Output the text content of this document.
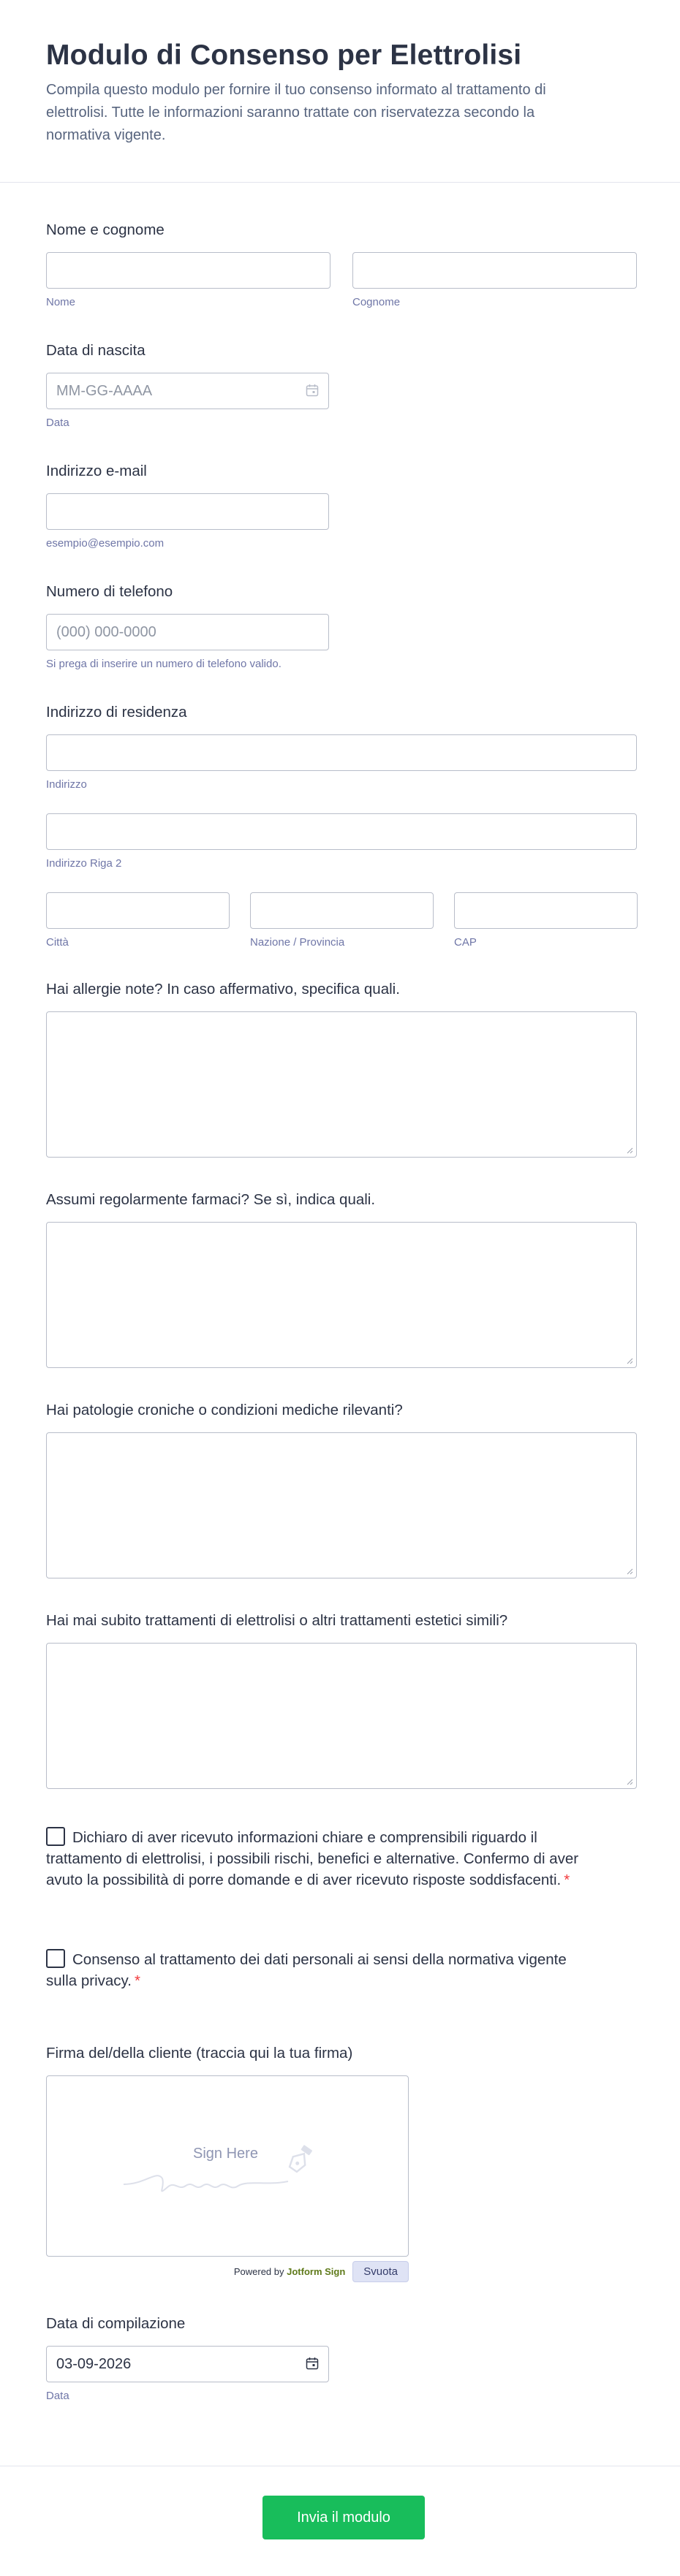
Modulo di Consenso per Elettrolisi

Compila questo modulo per fornire il tuo consenso informato al trattamento di elettrolisi. Tutte le informazioni saranno trattate con riservatezza secondo la normativa vigente.

Nome e cognome
Nome	Cognome
Data di nascita
MM-GG-AAAA
Data
Indirizzo e-mail
esempio@esempio.com
Numero di telefono
(000) 000-0000
Si prega di inserire un numero di telefono valido.
Indirizzo di residenza
Indirizzo
Indirizzo Riga 2
Città	Nazione / Provincia	CAP
Hai allergie note? In caso affermativo, specifica quali.
Assumi regolarmente farmaci? Se sì, indica quali.
Hai patologie croniche o condizioni mediche rilevanti?
Hai mai subito trattamenti di elettrolisi o altri trattamenti estetici simili?
Dichiaro di aver ricevuto informazioni chiare e comprensibili riguardo il trattamento di elettrolisi, i possibili rischi, benefici e alternative. Confermo di aver avuto la possibilità di porre domande e di aver ricevuto risposte soddisfacenti. *
Consenso al trattamento dei dati personali ai sensi della normativa vigente sulla privacy. *
Firma del/della cliente (traccia qui la tua firma)
Sign Here
Powered by Jotform Sign	Svuota
Data di compilazione
03-09-2026
Data
Invia il modulo
